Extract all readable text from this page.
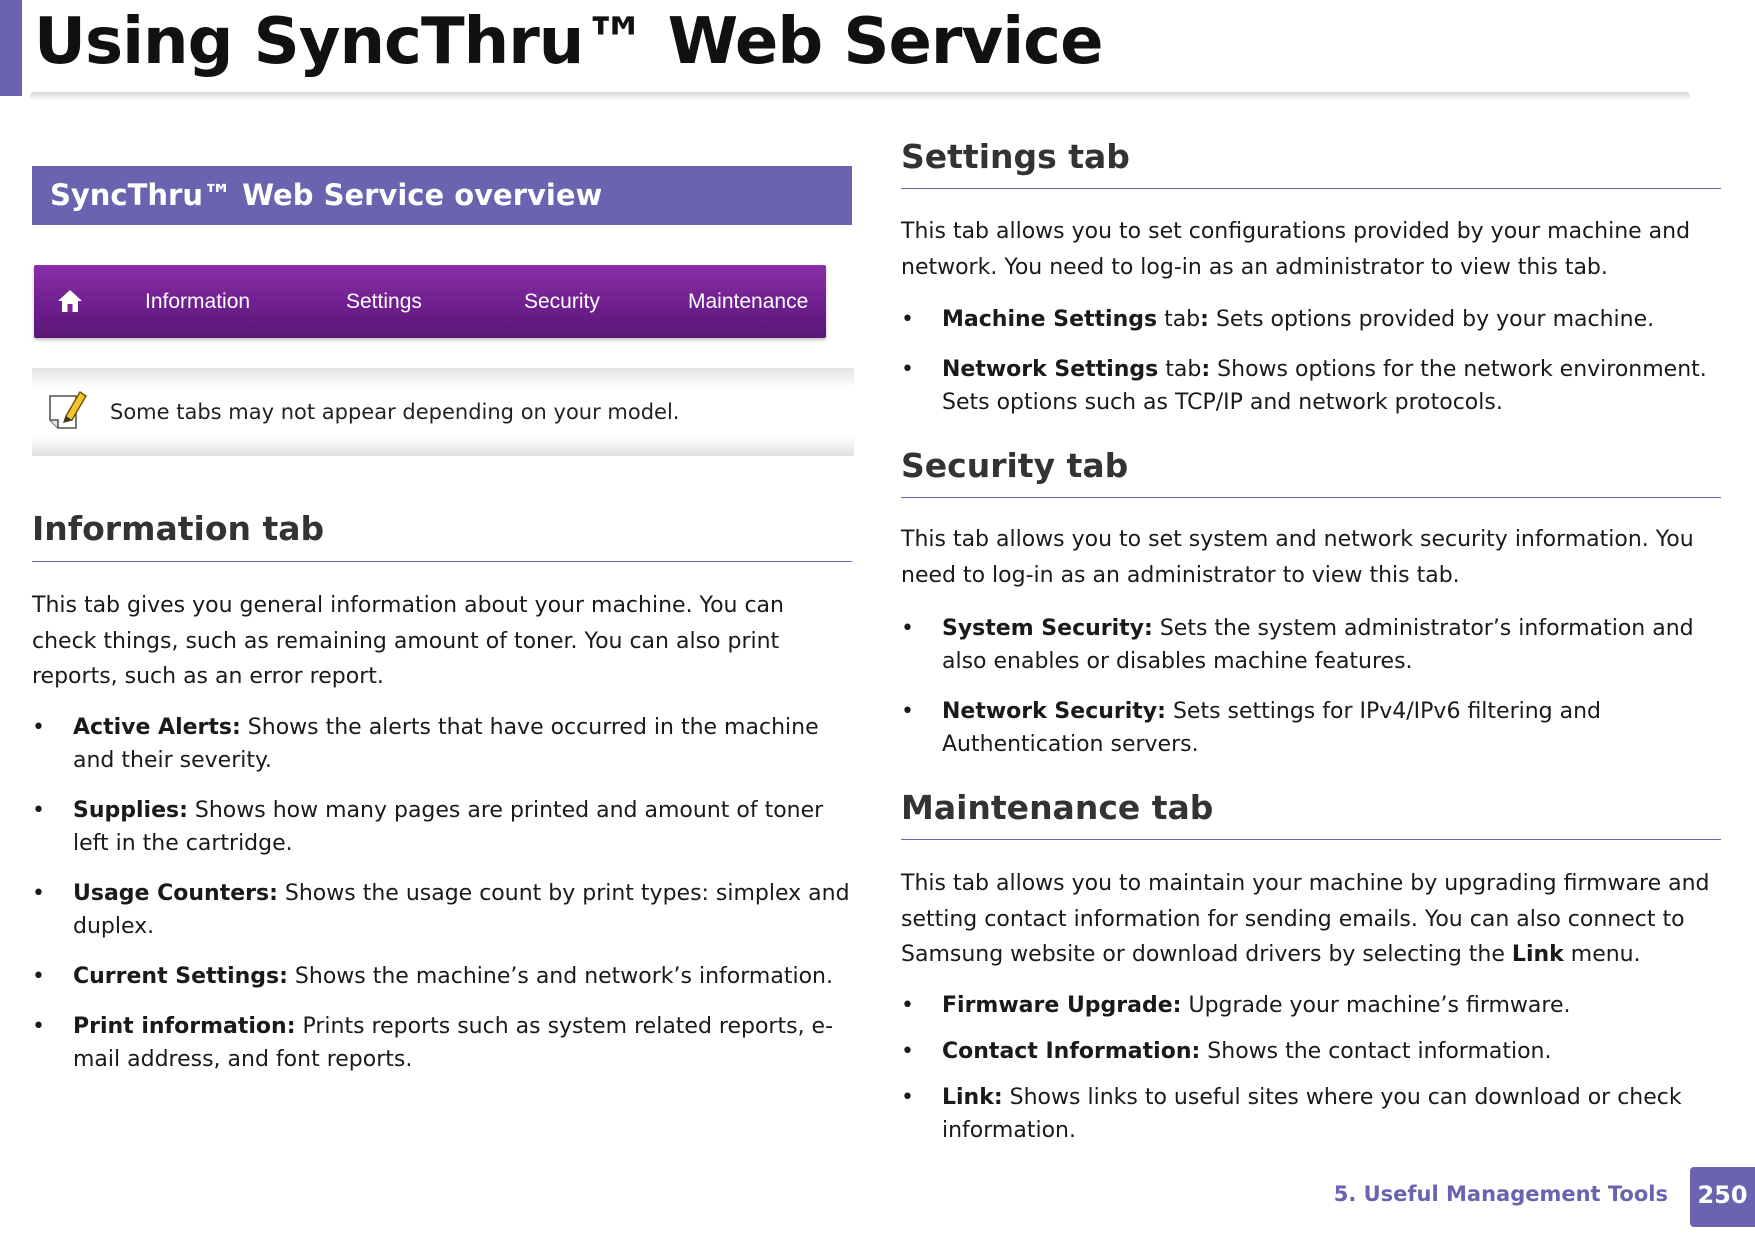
Using SyncThru™ Web Service
SyncThru™ Web Service overview
Information	Settings	Security	Maintenance
Some tabs may not appear depending on your model.
Information tab

This tab gives you general information about your machine. You can check things, such as remaining amount of toner. You can also print reports, such as an error report.

• Active Alerts: Shows the alerts that have occurred in the machine and their severity.
• Supplies: Shows how many pages are printed and amount of toner left in the cartridge.
• Usage Counters: Shows the usage count by print types: simplex and duplex.
• Current Settings: Shows the machine’s and network’s information.
• Print information: Prints reports such as system related reports, e-mail address, and font reports.
Settings tab

This tab allows you to set configurations provided by your machine and network. You need to log-in as an administrator to view this tab.

• Machine Settings tab: Sets options provided by your machine.
• Network Settings tab: Shows options for the network environment. Sets options such as TCP/IP and network protocols.
Security tab

This tab allows you to set system and network security information. You need to log-in as an administrator to view this tab.

• System Security: Sets the system administrator’s information and also enables or disables machine features.
• Network Security: Sets settings for IPv4/IPv6 filtering and Authentication servers.
Maintenance tab

This tab allows you to maintain your machine by upgrading firmware and setting contact information for sending emails. You can also connect to Samsung website or download drivers by selecting the Link menu.

• Firmware Upgrade: Upgrade your machine’s firmware.
• Contact Information: Shows the contact information.
• Link: Shows links to useful sites where you can download or check information.
5. Useful Management Tools	250
